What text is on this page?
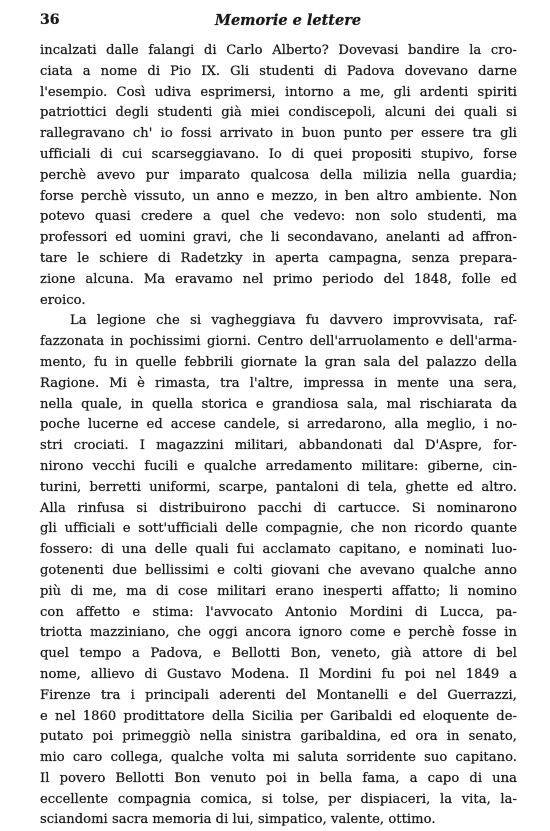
36	Memorie e lettere
incalzati dalle falangi di Carlo Alberto? Dovevasi bandire la cro-
ciata a nome di Pio IX. Gli studenti di Padova dovevano darne
l'esempio. Così udiva esprimersi, intorno a me, gli ardenti spiriti
patriottici degli studenti già miei condiscepoli, alcuni dei quali si
rallegravano ch' io fossi arrivato in buon punto per essere tra gli
ufficiali di cui scarseggiavano. Io di quei propositi stupivo, forse
perchè avevo pur imparato qualcosa della milizia nella guardia;
forse perchè vissuto, un anno e mezzo, in ben altro ambiente. Non
potevo quasi credere a quel che vedevo: non solo studenti, ma
professori ed uomini gravi, che li secondavano, anelanti ad affron-
tare le schiere di Radetzky in aperta campagna, senza prepara-
zione alcuna. Ma eravamo nel primo periodo del 1848, folle ed
eroico.
La legione che si vagheggiava fu davvero improvvisata, raf-
fazzonata in pochissimi giorni. Centro dell'arruolamento e dell'arma-
mento, fu in quelle febbrili giornate la gran sala del palazzo della
Ragione. Mi è rimasta, tra l'altre, impressa in mente una sera,
nella quale, in quella storica e grandiosa sala, mal rischiarata da
poche lucerne ed accese candele, si arredarono, alla meglio, i no-
stri crociati. I magazzini militari, abbandonati dal D'Aspre, for-
nirono vecchi fucili e qualche arredamento militare: giberne, cin-
turini, berretti uniformi, scarpe, pantaloni di tela, ghette ed altro.
Alla rinfusa si distribuirono pacchi di cartucce. Si nominarono
gli ufficiali e sott'ufficiali delle compagnie, che non ricordo quante
fossero: di una delle quali fui acclamato capitano, e nominati luo-
gotenenti due bellissimi e colti giovani che avevano qualche anno
più di me, ma di cose militari erano inesperti affatto; li nomino
con affetto e stima: l'avvocato Antonio Mordini di Lucca, pa-
triotta mazziniano, che oggi ancora ignoro come e perchè fosse in
quel tempo a Padova, e Bellotti Bon, veneto, già attore di bel
nome, allievo di Gustavo Modena. Il Mordini fu poi nel 1849 a
Firenze tra i principali aderenti del Montanelli e del Guerrazzi,
e nel 1860 prodittatore della Sicilia per Garibaldi ed eloquente de-
putato poi primeggiò nella sinistra garibaldina, ed ora in senato,
mio caro collega, qualche volta mi saluta sorridente suo capitano.
Il povero Bellotti Bon venuto poi in bella fama, a capo di una
eccellente compagnia comica, si tolse, per dispiaceri, la vita, la-
sciandomi sacra memoria di lui, simpatico, valente, ottimo.
